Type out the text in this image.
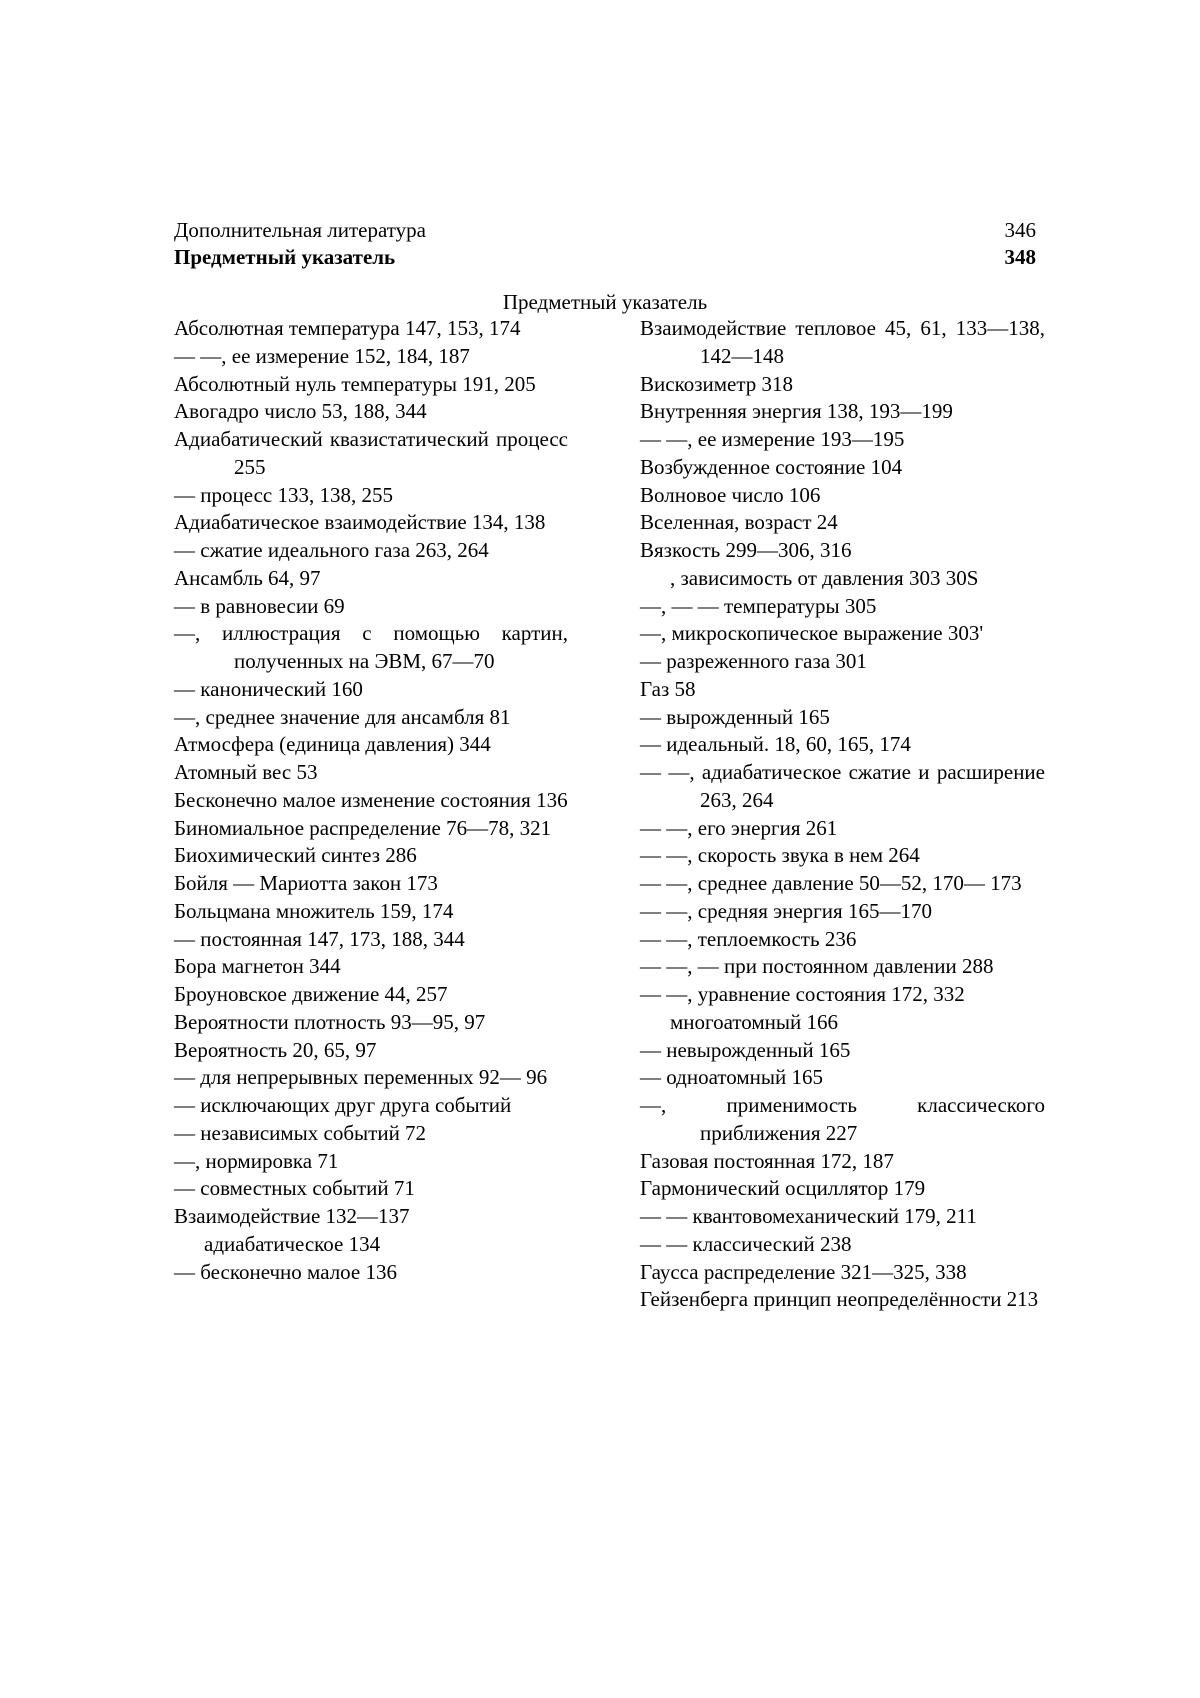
Дополнительная литература	346
Предметный указатель	348
Предметный указатель
Абсолютная температура 147, 153, 174
— —, ее измерение 152, 184, 187
Абсолютный нуль температуры 191, 205
Авогадро число 53, 188, 344
Адиабатический квазистатический процесс 255
— процесс 133, 138, 255
Адиабатическое взаимодействие 134, 138
— сжатие идеального газа 263, 264
Ансамбль 64, 97
— в равновесии 69
—, иллюстрация с помощью картин, полученных на ЭВМ, 67—70
— канонический 160
—, среднее значение для ансамбля 81
Атмосфера (единица давления) 344
Атомный вес 53
Бесконечно малое изменение состояния 136
Биномиальное распределение 76—78, 321
Биохимический синтез 286
Бойля — Мариотта закон 173
Больцмана множитель 159, 174
— постоянная 147, 173, 188, 344
Бора магнетон 344
Броуновское движение 44, 257
Вероятности плотность 93—95, 97
Вероятность 20, 65, 97
— для непрерывных переменных 92— 96
— исключающих друг друга событий
— независимых событий 72
—, нормировка 71
— совместных событий 71
Взаимодействие 132—137
адиабатическое 134
— бесконечно малое 136
Взаимодействие тепловое 45, 61, 133—138, 142—148
Вискозиметр 318
Внутренняя энергия 138, 193—199
— —, ее измерение 193—195
Возбужденное состояние 104
Волновое число 106
Вселенная, возраст 24
Вязкость 299—306, 316
, зависимость от давления 303 30S
—, — — температуры 305
—, микроскопическое выражение 303'
— разреженного газа 301
Газ 58
— вырожденный 165
— идеальный. 18, 60, 165, 174
— —, адиабатическое сжатие и расширение 263, 264
— —, его энергия 261
— —, скорость звука в нем 264
— —, среднее давление 50—52, 170— 173
— —, средняя энергия 165—170
— —, теплоемкость 236
— —, — при постоянном давлении 288
— —, уравнение состояния 172, 332
многоатомный 166
— невырожденный 165
— одноатомный 165
—, применимость классического приближения 227
Газовая постоянная 172, 187
Гармонический осциллятор 179
— — квантовомеханический 179, 211
— — классический 238
Гаусса распределение 321—325, 338
Гейзенберга принцип неопределённости 213
